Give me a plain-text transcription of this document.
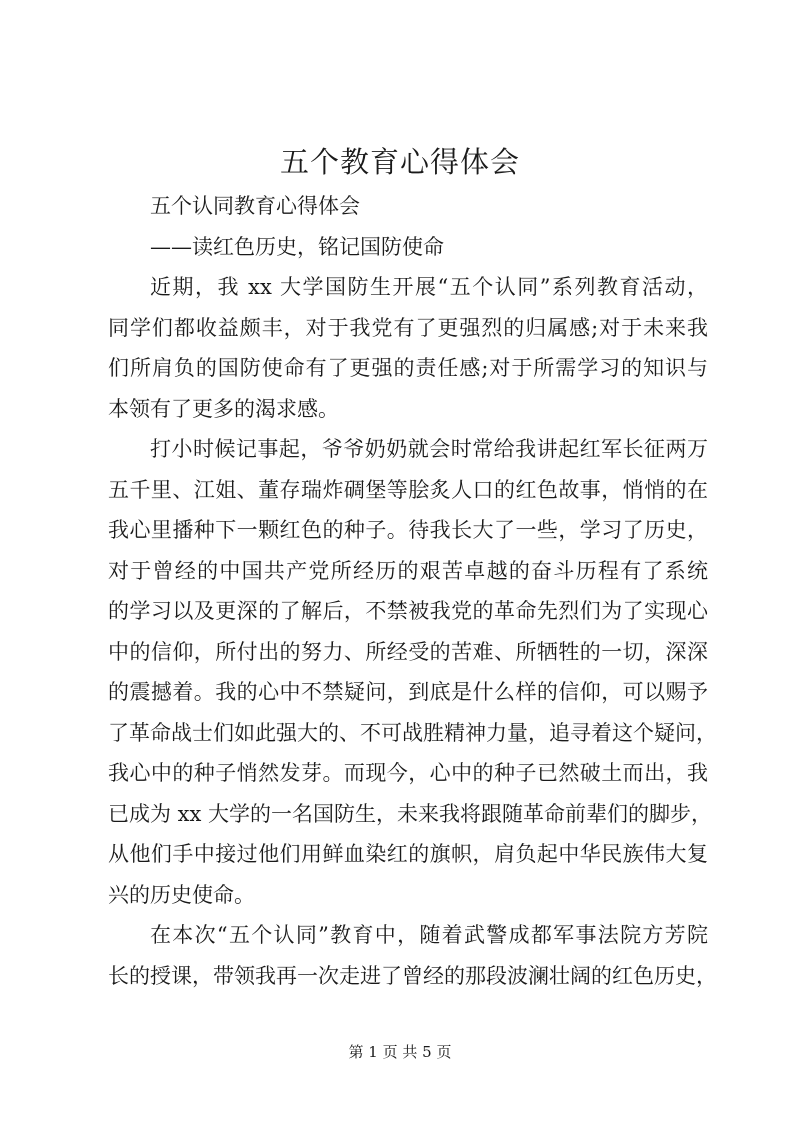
五个教育心得体会
五个认同教育心得体会
——读红色历史，铭记国防使命
近期，我 xx 大学国防生开展“五个认同”系列教育活动，
同学们都收益颇丰，对于我党有了更强烈的归属感;对于未来我
们所肩负的国防使命有了更强的责任感;对于所需学习的知识与
本领有了更多的渴求感。
打小时候记事起，爷爷奶奶就会时常给我讲起红军长征两万
五千里、江姐、董存瑞炸碉堡等脍炙人口的红色故事，悄悄的在
我心里播种下一颗红色的种子。待我长大了一些，学习了历史，
对于曾经的中国共产党所经历的艰苦卓越的奋斗历程有了系统
的学习以及更深的了解后，不禁被我党的革命先烈们为了实现心
中的信仰，所付出的努力、所经受的苦难、所牺牲的一切，深深
的震撼着。我的心中不禁疑问，到底是什么样的信仰，可以赐予
了革命战士们如此强大的、不可战胜精神力量，追寻着这个疑问，
我心中的种子悄然发芽。而现今，心中的种子已然破土而出，我
已成为 xx 大学的一名国防生，未来我将跟随革命前辈们的脚步，
从他们手中接过他们用鲜血染红的旗帜，肩负起中华民族伟大复
兴的历史使命。
在本次“五个认同”教育中，随着武警成都军事法院方芳院
长的授课，带领我再一次走进了曾经的那段波澜壮阔的红色历史，
第 1 页 共 5 页
